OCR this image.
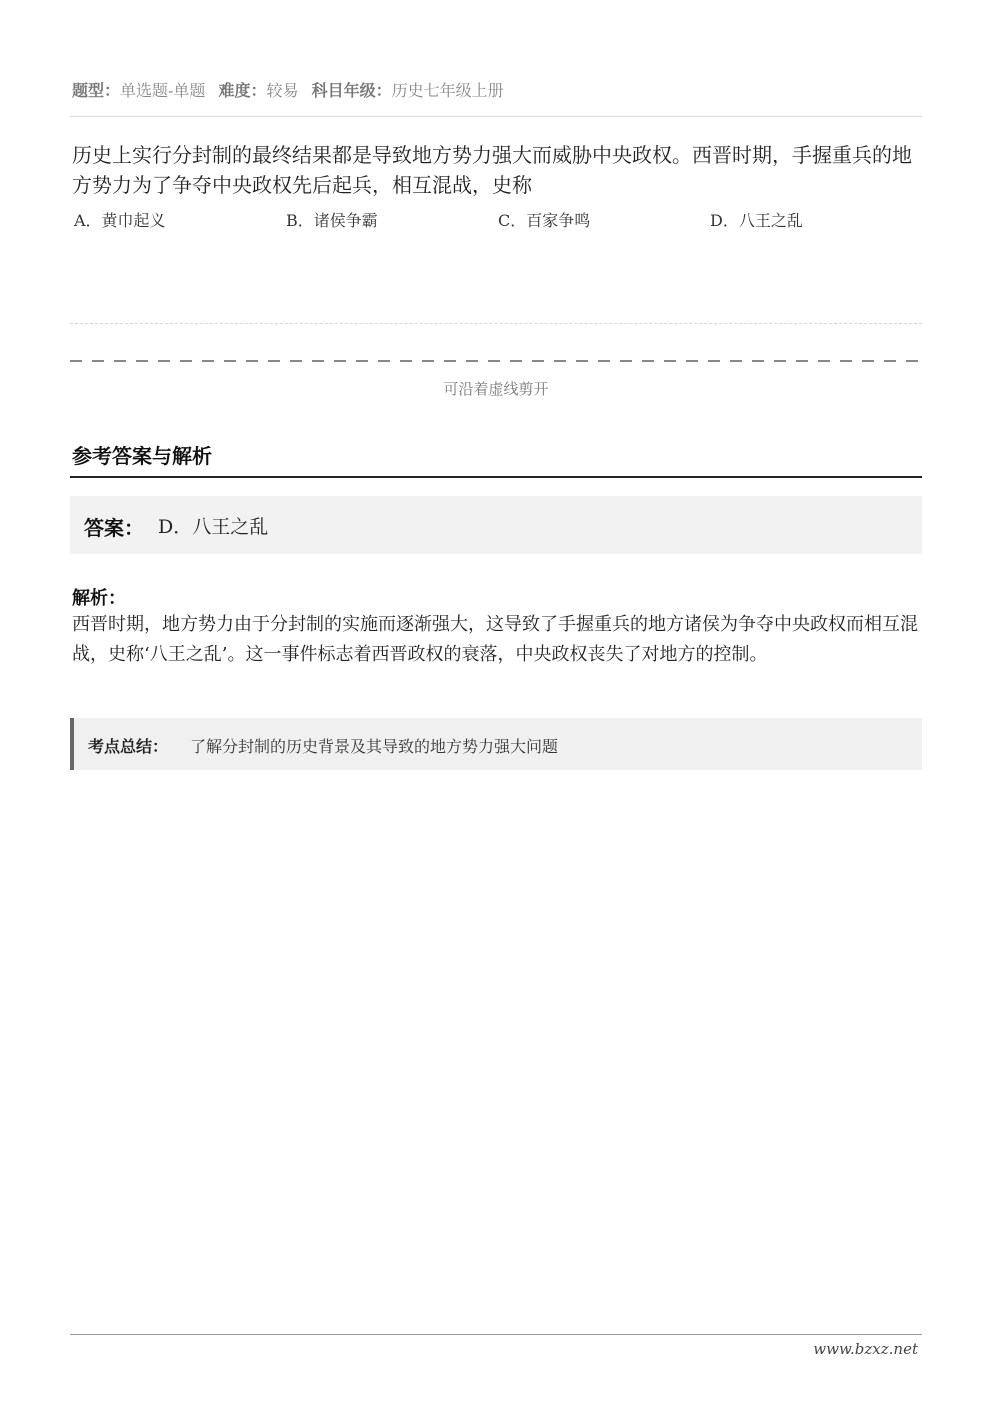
题型：单选题-单题 难度：较易 科目年级：历史七年级上册
历史上实行分封制的最终结果都是导致地方势力强大而威胁中央政权。西晋时期，手握重兵的地方势力为了争夺中央政权先后起兵，相互混战，史称
A．黄巾起义	B．诸侯争霸	C．百家争鸣	D．八王之乱
可沿着虚线剪开
参考答案与解析
答案： D．八王之乱
解析：
西晋时期，地方势力由于分封制的实施而逐渐强大，这导致了手握重兵的地方诸侯为争夺中央政权而相互混战，史称‘八王之乱’。这一事件标志着西晋政权的衰落，中央政权丧失了对地方的控制。
考点总结： 了解分封制的历史背景及其导致的地方势力强大问题
www.bzxz.net
